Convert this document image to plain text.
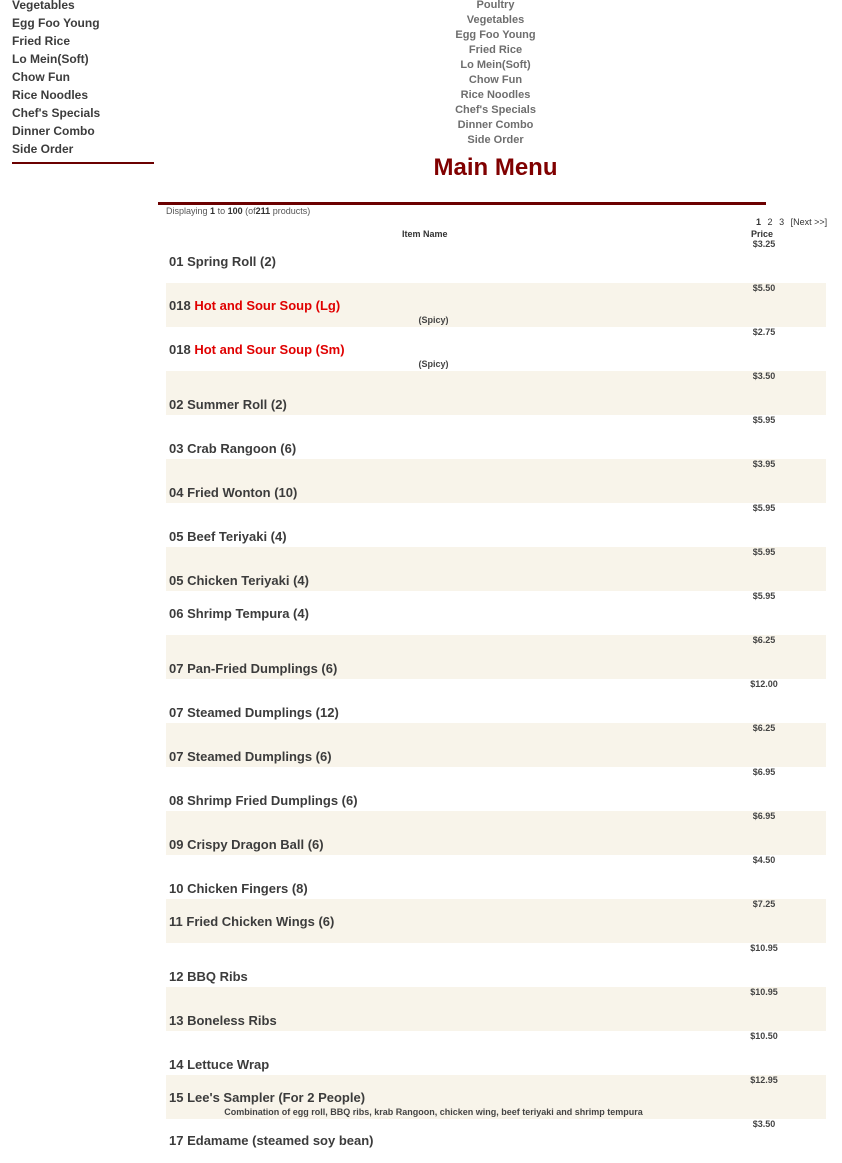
Vegetables
Egg Foo Young
Fried Rice
Lo Mein(Soft)
Chow Fun
Rice Noodles
Chef's Specials
Dinner Combo
Side Order
Poultry
Vegetables
Egg Foo Young
Fried Rice
Lo Mein(Soft)
Chow Fun
Rice Noodles
Chef's Specials
Dinner Combo
Side Order
Main Menu
Displaying 1 to 100 (of211 products)
1 2 3 [Next >>]
Item Name	Price
$3.25
01 Spring Roll (2)
$5.50
018 Hot and Sour Soup (Lg)
(Spicy)
$2.75
018 Hot and Sour Soup (Sm)
(Spicy)
$3.50
02 Summer Roll (2)
$5.95
03 Crab Rangoon (6)
$3.95
04 Fried Wonton (10)
$5.95
05 Beef Teriyaki (4)
$5.95
05 Chicken Teriyaki (4)
$5.95
06 Shrimp Tempura (4)
$6.25
07 Pan-Fried Dumplings (6)
$12.00
07 Steamed Dumplings (12)
$6.25
07 Steamed Dumplings (6)
$6.95
08 Shrimp Fried Dumplings (6)
$6.95
09 Crispy Dragon Ball (6)
$4.50
10 Chicken Fingers (8)
$7.25
11 Fried Chicken Wings (6)
$10.95
12 BBQ Ribs
$10.95
13 Boneless Ribs
$10.50
14 Lettuce Wrap
$12.95
15 Lee's Sampler (For 2 People)
Combination of egg roll, BBQ ribs, krab Rangoon, chicken wing, beef teriyaki and shrimp tempura
$3.50
17 Edamame (steamed soy bean)
